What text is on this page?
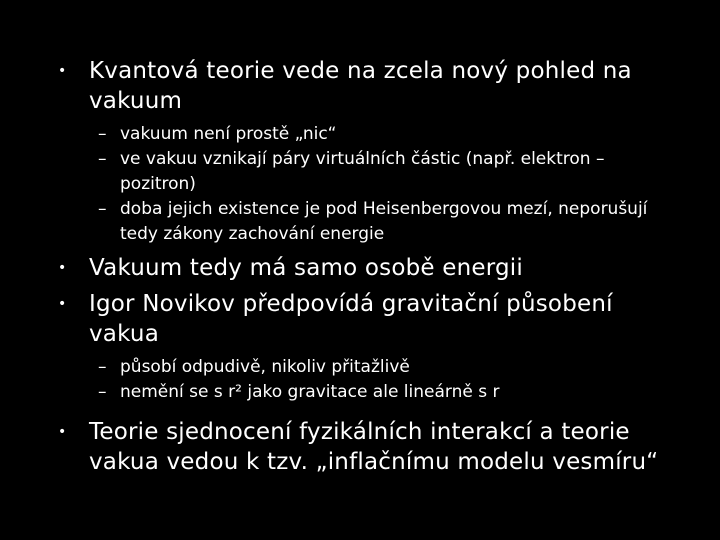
• Kvantová teorie vede na zcela nový pohled na vakuum
– vakuum není prostě „nic“
– ve vakuu vznikají páry virtuálních částic (např. elektron –pozitron)
– doba jejich existence je pod Heisenbergovou mezí, neporušují tedy zákony zachování energie
• Vakuum tedy má samo osobě energii
• Igor Novikov předpovídá gravitační působení vakua
– působí odpudivě, nikoliv přitažlivě
– nemění se s r² jako gravitace ale lineárně s r
• Teorie sjednocení fyzikálních interakcí a teorie vakua vedou k tzv. „inflačnímu modelu vesmíru“
